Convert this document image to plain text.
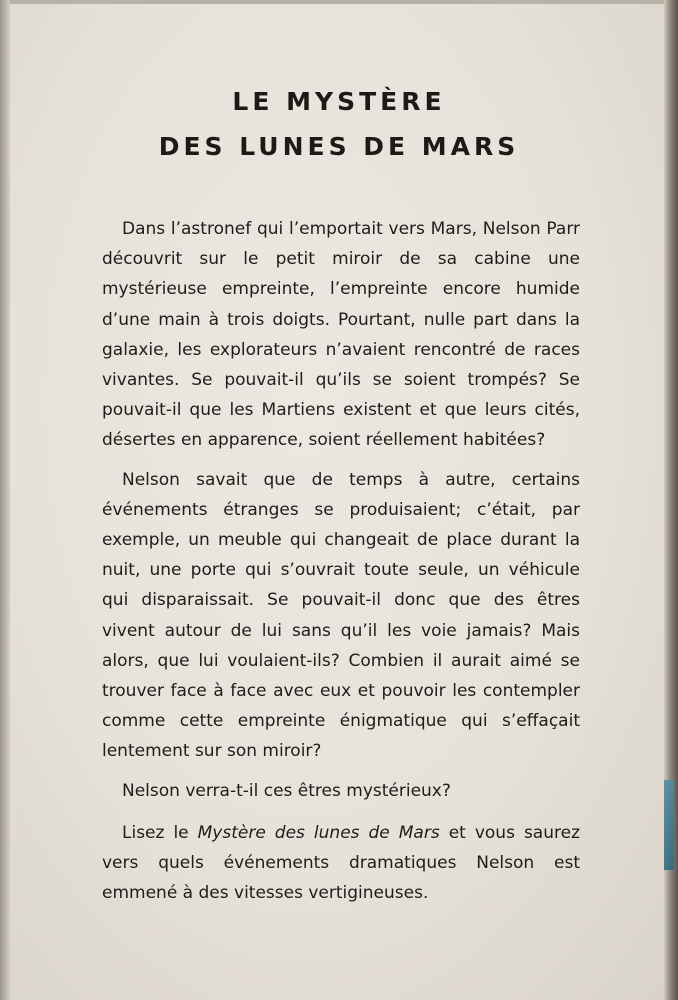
LE MYSTÈRE
DES LUNES DE MARS

Dans l’astronef qui l’emportait vers Mars, Nelson Parr découvrit sur le petit miroir de sa cabine une mystérieuse empreinte, l’empreinte encore humide d’une main à trois doigts. Pourtant, nulle part dans la galaxie, les explorateurs n’avaient rencontré de races vivantes. Se pouvait-il qu’ils se soient trompés? Se pouvait-il que les Martiens existent et que leurs cités, désertes en apparence, soient réellement habitées?

Nelson savait que de temps à autre, certains événements étranges se produisaient; c’était, par exemple, un meuble qui changeait de place durant la nuit, une porte qui s’ouvrait toute seule, un véhicule qui disparaissait. Se pouvait-il donc que des êtres vivent autour de lui sans qu’il les voie jamais? Mais alors, que lui voulaient-ils? Combien il aurait aimé se trouver face à face avec eux et pouvoir les contempler comme cette empreinte énigmatique qui s’effaçait lentement sur son miroir?

Nelson verra-t-il ces êtres mystérieux?

Lisez le Mystère des lunes de Mars et vous saurez vers quels événements dramatiques Nelson est emmené à des vitesses vertigineuses.
